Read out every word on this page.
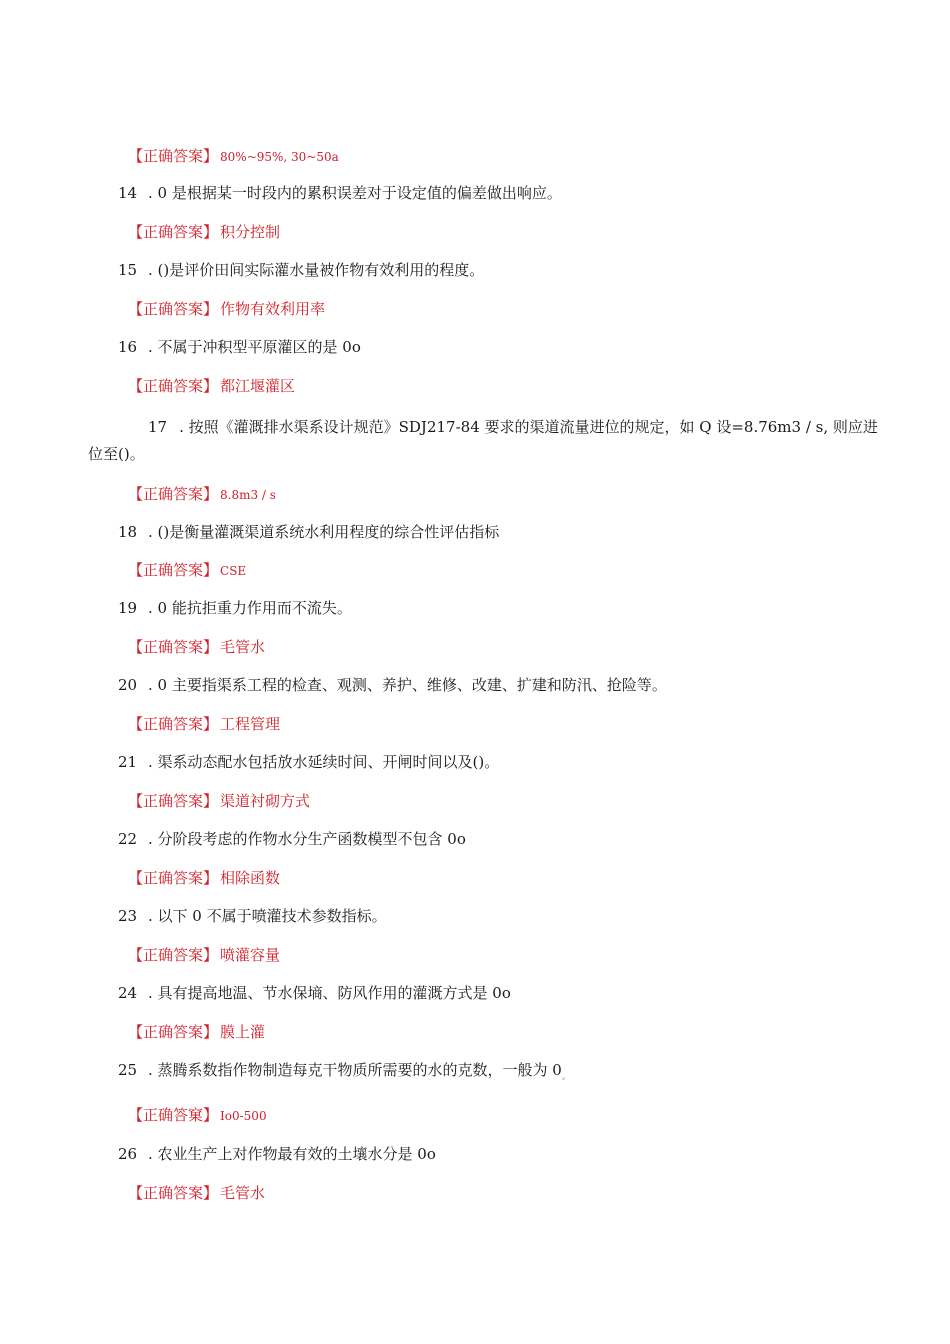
【正确答案】 80%~95%, 30~50a
14 . 0 是根据某一时段内的累积误差对于设定值的偏差做出响应。
【正确答案】 积分控制
15 . ()是评价田间实际灌水量被作物有效利用的程度。
【正确答案】 作物有效利用率
16 . 不属于冲积型平原灌区的是 0o
【正确答案】 都江堰灌区
17 . 按照《灌溉排水渠系设计规范》SDJ217-84 要求的渠道流量进位的规定，如 Q 设=8.76m3 / s, 则应进位至()。
【正确答案】 8.8m3 / s
18 . ()是衡量灌溉渠道系统水利用程度的综合性评估指标
【正确答案】 CSE
19 . 0 能抗拒重力作用而不流失。
【正确答案】 毛管水
20 . 0 主要指渠系工程的检查、观测、养护、维修、改建、扩建和防汛、抢险等。
【正确答案】 工程管理
21 . 渠系动态配水包括放水延续时间、开闸时间以及()。
【正确答案】 渠道衬砌方式
22 . 分阶段考虑的作物水分生产函数模型不包含 0o
【正确答案】 相除函数
23 . 以下 0 不属于喷灌技术参数指标。
【正确答案】 喷灌容量
24 . 具有提高地温、节水保墒、防风作用的灌溉方式是 0o
【正确答案】 膜上灌
25 . 蒸腾系数指作物制造每克干物质所需要的水的克数，一般为 $0_。$
【正确答窠】 Io0-500
26 . 农业生产上对作物最有效的土壤水分是 0o
【正确答案】 毛管水
